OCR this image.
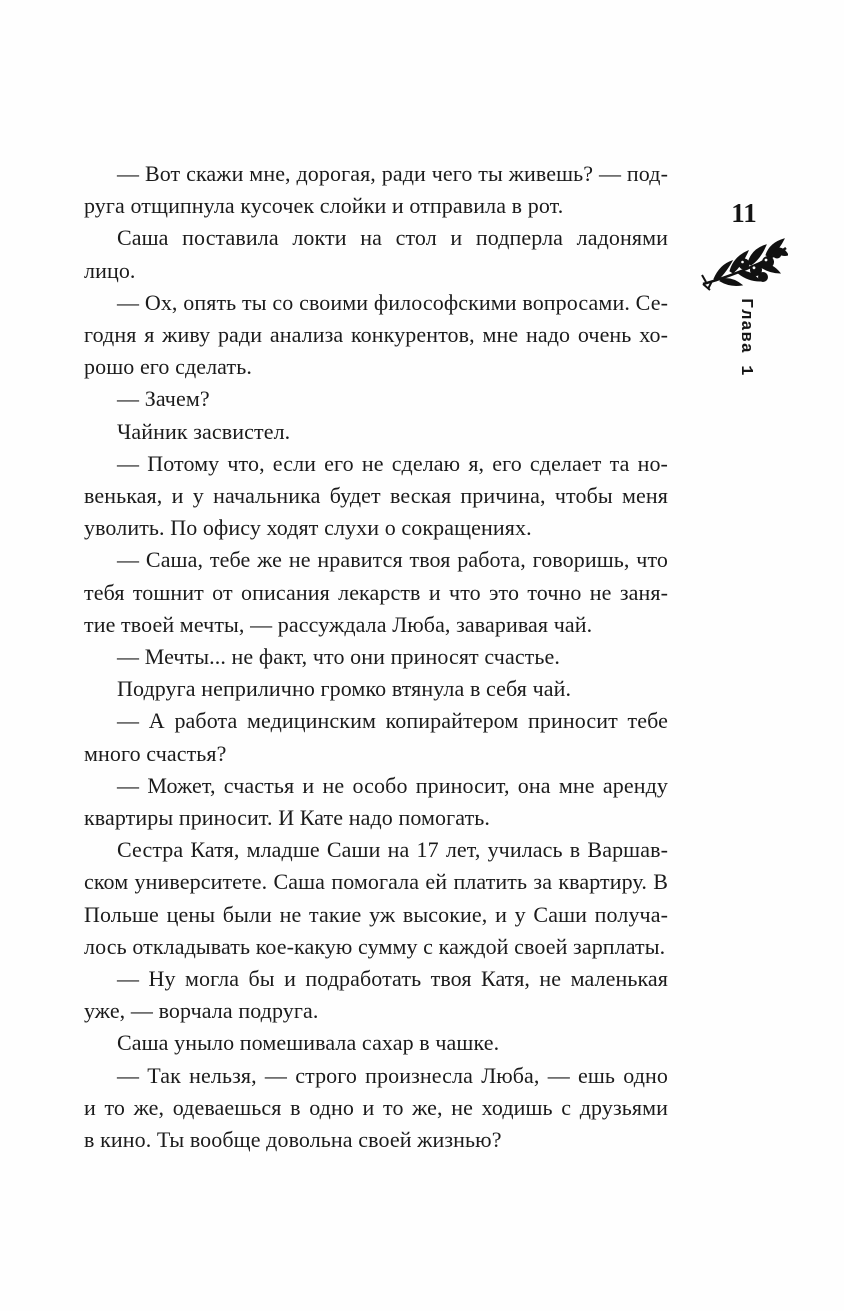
— Вот скажи мне, дорогая, ради чего ты живешь? — под-
руга отщипнула кусочек слойки и отправила в рот.
Саша поставила локти на стол и подперла ладонями
лицо.
— Ох, опять ты со своими философскими вопросами. Се-
годня я живу ради анализа конкурентов, мне надо очень хо-
рошо его сделать.
— Зачем?
Чайник засвистел.
— Потому что, если его не сделаю я, его сделает та но-
венькая, и у начальника будет веская причина, чтобы меня
уволить. По офису ходят слухи о сокращениях.
— Саша, тебе же не нравится твоя работа, говоришь, что
тебя тошнит от описания лекарств и что это точно не заня-
тие твоей мечты, — рассуждала Люба, заваривая чай.
— Мечты... не факт, что они приносят счастье.
Подруга неприлично громко втянула в себя чай.
— А работа медицинским копирайтером приносит тебе
много счастья?
— Может, счастья и не особо приносит, она мне аренду
квартиры приносит. И Кате надо помогать.
Сестра Катя, младше Саши на 17 лет, училась в Варшав-
ском университете. Саша помогала ей платить за квартиру. В
Польше цены были не такие уж высокие, и у Саши получа-
лось откладывать кое-какую сумму с каждой своей зарплаты.
— Ну могла бы и подработать твоя Катя, не маленькая
уже, — ворчала подруга.
Саша уныло помешивала сахар в чашке.
— Так нельзя, — строго произнесла Люба, — ешь одно
и то же, одеваешься в одно и то же, не ходишь с друзьями
в кино. Ты вообще довольна своей жизнью?
11
Глава 1
